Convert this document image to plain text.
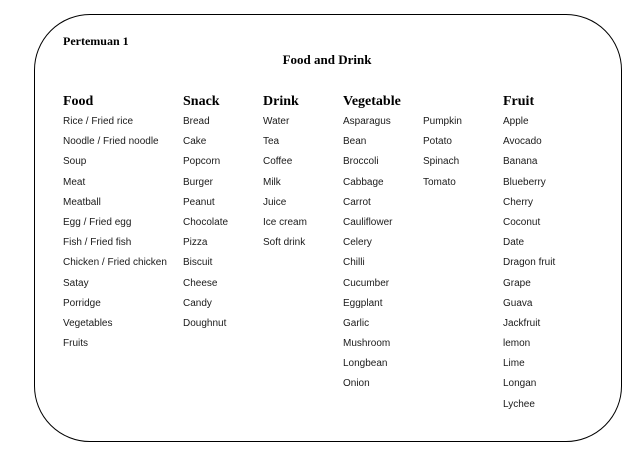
Pertemuan 1
Food and Drink
Food
Rice / Fried rice
Noodle / Fried noodle
Soup
Meat
Meatball
Egg / Fried egg
Fish / Fried fish
Chicken / Fried chicken
Satay
Porridge
Vegetables
Fruits
Snack
Bread
Cake
Popcorn
Burger
Peanut
Chocolate
Pizza
Biscuit
Cheese
Candy
Doughnut
Drink
Water
Tea
Coffee
Milk
Juice
Ice cream
Soft drink
Vegetable
Asparagus
Bean
Broccoli
Cabbage
Carrot
Cauliflower
Celery
Chilli
Cucumber
Eggplant
Garlic
Mushroom
Longbean
Onion
Pumpkin
Potato
Spinach
Tomato
Fruit
Apple
Avocado
Banana
Blueberry
Cherry
Coconut
Date
Dragon fruit
Grape
Guava
Jackfruit
lemon
Lime
Longan
Lychee
